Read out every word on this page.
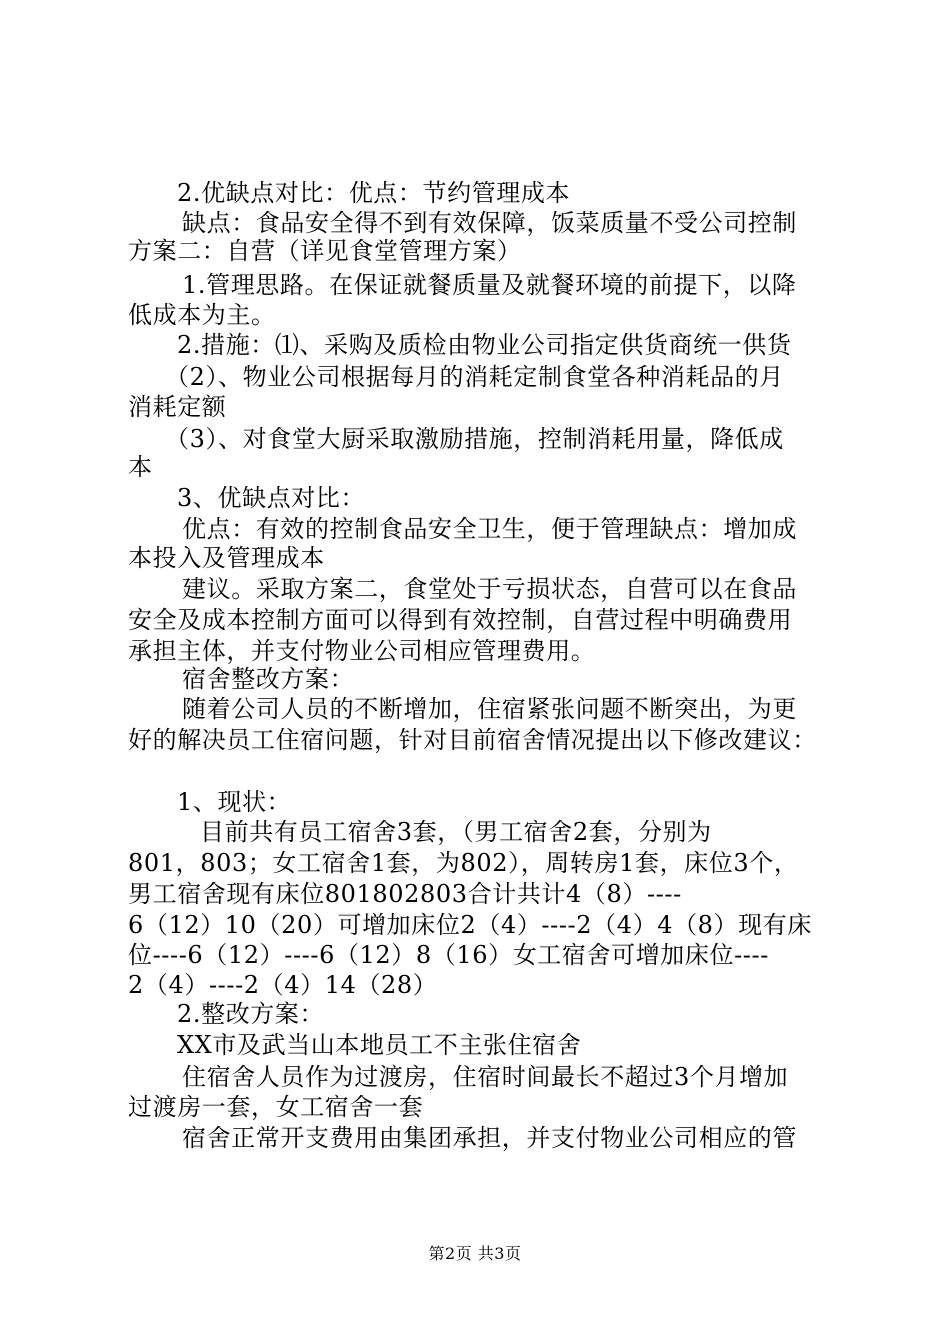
2.优缺点对比：优点：节约管理成本
缺点：食品安全得不到有效保障，饭菜质量不受公司控制
方案二：自营（详见食堂管理方案）
1.管理思路。在保证就餐质量及就餐环境的前提下，以降
低成本为主。
2.措施：⑴、采购及质检由物业公司指定供货商统一供货
（2）、物业公司根据每月的消耗定制食堂各种消耗品的月
消耗定额
（3）、对食堂大厨采取激励措施，控制消耗用量，降低成
本
3、优缺点对比：
优点：有效的控制食品安全卫生，便于管理缺点：增加成
本投入及管理成本
建议。采取方案二，食堂处于亏损状态，自营可以在食品
安全及成本控制方面可以得到有效控制，自营过程中明确费用
承担主体，并支付物业公司相应管理费用。
宿舍整改方案：
随着公司人员的不断增加，住宿紧张问题不断突出，为更
好的解决员工住宿问题，针对目前宿舍情况提出以下修改建议：
1、现状：
目前共有员工宿舍3套，（男工宿舍2套，分别为
801，803；女工宿舍1套，为802），周转房1套，床位3个，
男工宿舍现有床位801802803合计共计4（8）----
6（12）10（20）可增加床位2（4）----2（4）4（8）现有床
位----6（12）----6（12）8（16）女工宿舍可增加床位----
2（4）----2（4）14（28）
2.整改方案：
XX市及武当山本地员工不主张住宿舍
住宿舍人员作为过渡房，住宿时间最长不超过3个月增加
过渡房一套，女工宿舍一套
宿舍正常开支费用由集团承担，并支付物业公司相应的管
第2页 共3页
